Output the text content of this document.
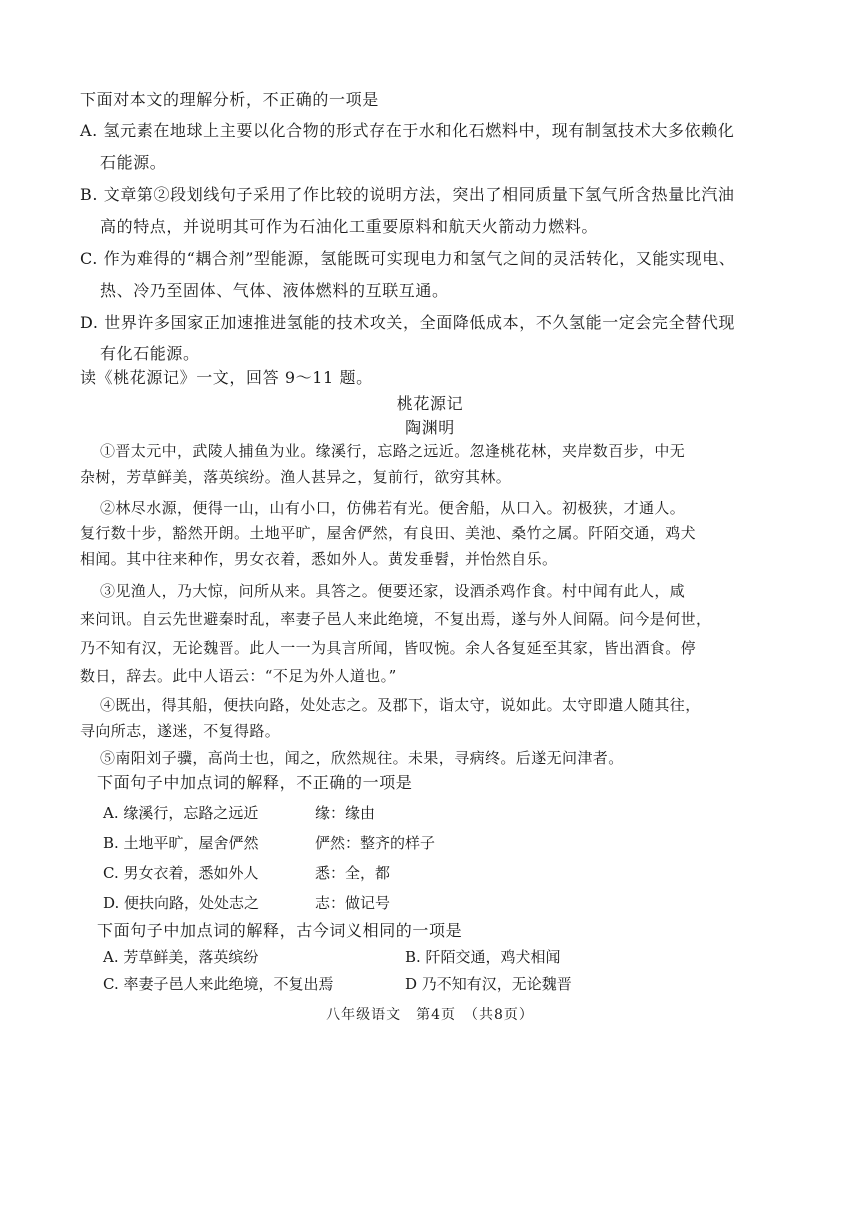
下面对本文的理解分析，不正确的一项是
A. 氢元素在地球上主要以化合物的形式存在于水和化石燃料中，现有制氢技术大多依赖化
石能源。
B. 文章第②段划线句子采用了作比较的说明方法，突出了相同质量下氢气所含热量比汽油
高的特点，并说明其可作为石油化工重要原料和航天火箭动力燃料。
C. 作为难得的“耦合剂”型能源，氢能既可实现电力和氢气之间的灵活转化，又能实现电、
热、冷乃至固体、气体、液体燃料的互联互通。
D. 世界许多国家正加速推进氢能的技术攻关，全面降低成本，不久氢能一定会完全替代现
有化石能源。
读《桃花源记》一文，回答 9～11 题。
桃花源记
陶渊明
①晋太元中，武陵人捕鱼为业。缘溪行，忘路之远近。忽逢桃花林，夹岸数百步，中无
杂树，芳草鲜美，落英缤纷。渔人甚异之，复前行，欲穷其林。
②林尽水源，便得一山，山有小口，仿佛若有光。便舍船，从口入。初极狭，才通人。
复行数十步，豁然开朗。土地平旷，屋舍俨然，有良田、美池、桑竹之属。阡陌交通，鸡犬
相闻。其中往来种作，男女衣着，悉如外人。黄发垂髫，并怡然自乐。
③见渔人，乃大惊，问所从来。具答之。便要还家，设酒杀鸡作食。村中闻有此人，咸
来问讯。自云先世避秦时乱，率妻子邑人来此绝境，不复出焉，遂与外人间隔。问今是何世，
乃不知有汉，无论魏晋。此人一一为具言所闻，皆叹惋。余人各复延至其家，皆出酒食。停
数日，辞去。此中人语云：“不足为外人道也。”
④既出，得其船，便扶向路，处处志之。及郡下，诣太守，说如此。太守即遣人随其往，
寻向所志，遂迷，不复得路。
⑤南阳刘子骥，高尚士也，闻之，欣然规往。未果，寻病终。后遂无问津者。
下面句子中加点词的解释，不正确的一项是
A. 缘溪行，忘路之远近	缘：缘由
B. 土地平旷，屋舍俨然	俨然：整齐的样子
C. 男女衣着，悉如外人	悉：全，都
D. 便扶向路，处处志之	志：做记号
下面句子中加点词的解释，古今词义相同的一项是
A. 芳草鲜美，落英缤纷	B. 阡陌交通，鸡犬相闻
C. 率妻子邑人来此绝境，不复出焉	D 乃不知有汉，无论魏晋
八年级语文　第4页　（共8页）
